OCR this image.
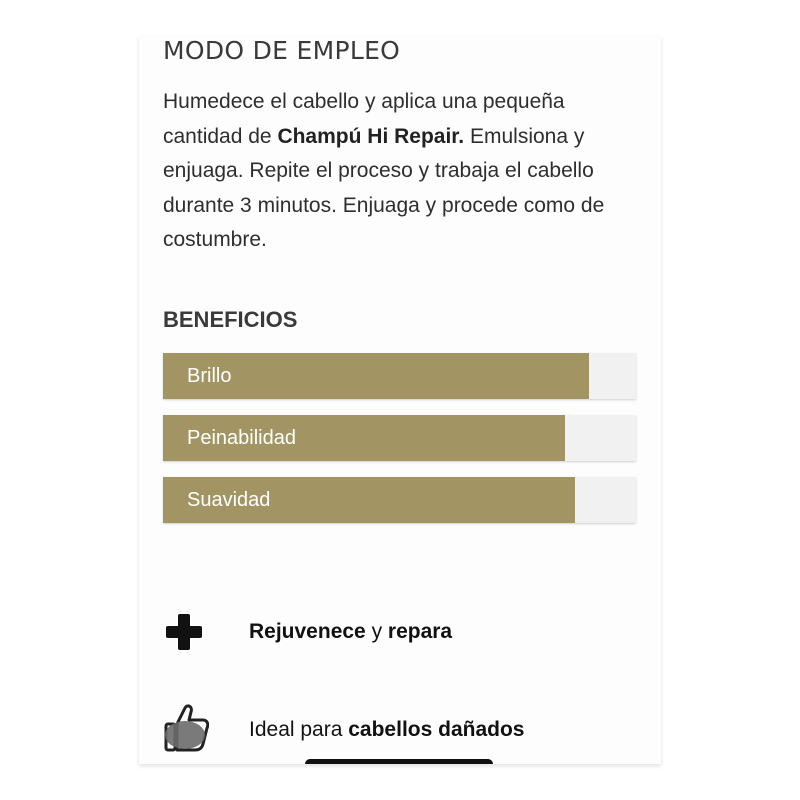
MODO DE EMPLEO
Humedece el cabello y aplica una pequeña cantidad de Champú Hi Repair. Emulsiona y enjuaga. Repite el proceso y trabaja el cabello durante 3 minutos. Enjuaga y procede como de costumbre.
BENEFICIOS
Brillo
Peinabilidad
Suavidad
Rejuvenece y repara
Ideal para cabellos dañados
